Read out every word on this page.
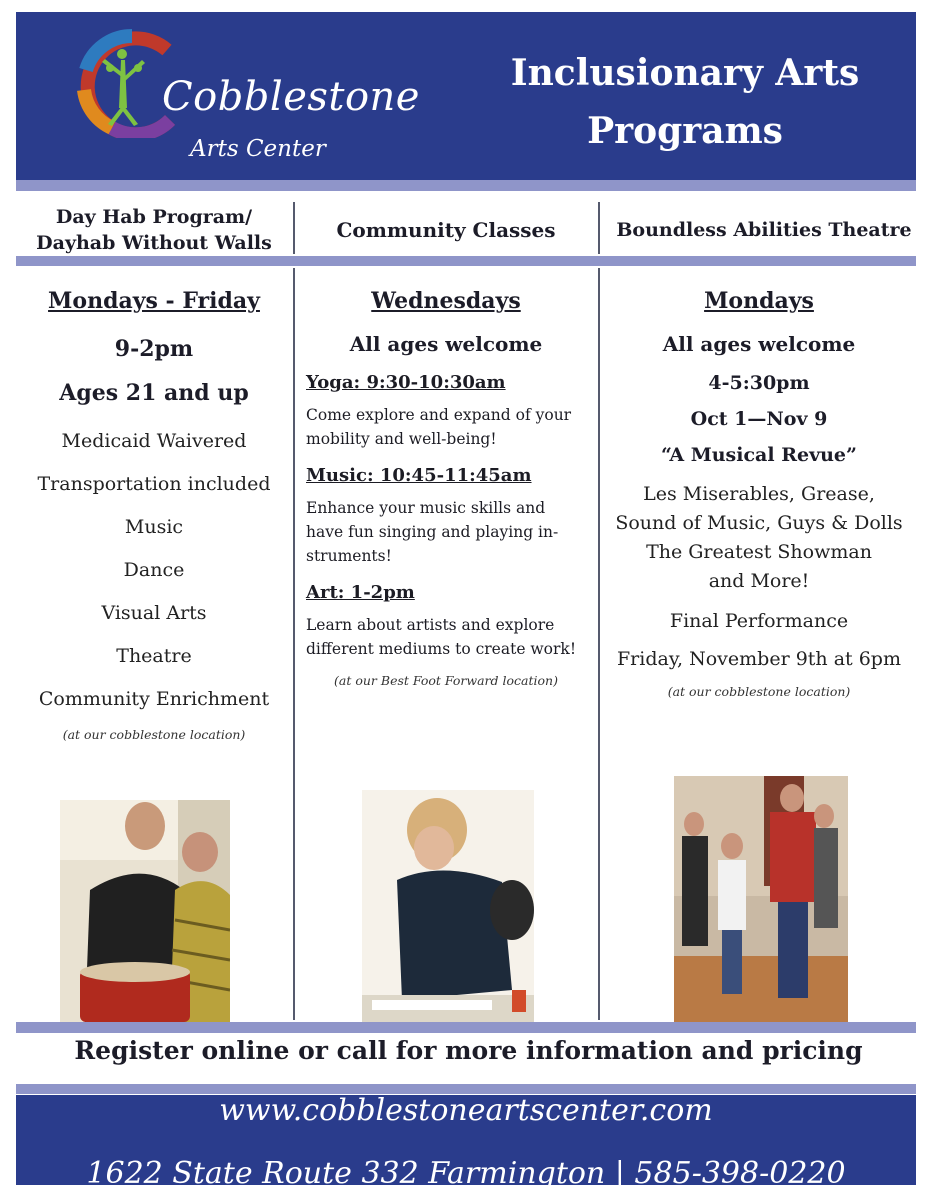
Cobblestone
Arts Center
Inclusionary Arts
Programs
Day Hab Program/
Dayhab Without Walls
Community Classes	Boundless Abilities Theatre
Mondays - Friday
9-2pm
Ages 21 and up
Medicaid Waivered
Transportation included
Music
Dance
Visual Arts
Theatre
Community Enrichment
(at our cobblestone location)
Wednesdays
All ages welcome
Yoga: 9:30-10:30am
Come explore and expand of your
mobility and well-being!
Music: 10:45-11:45am
Enhance your music skills and
have fun singing and playing in-
struments!
Art: 1-2pm
Learn about artists and explore
different mediums to create work!
(at our Best Foot Forward location)
Mondays
All ages welcome
4-5:30pm
Oct 1—Nov 9
“A Musical Revue”
Les Miserables, Grease,
Sound of Music, Guys & Dolls
The Greatest Showman
and More!
Final Performance
Friday, November 9th at 6pm
(at our cobblestone location)
Register online or call for more information and pricing
www.cobblestoneartscenter.com
1622 State Route 332 Farmington | 585-398-0220
